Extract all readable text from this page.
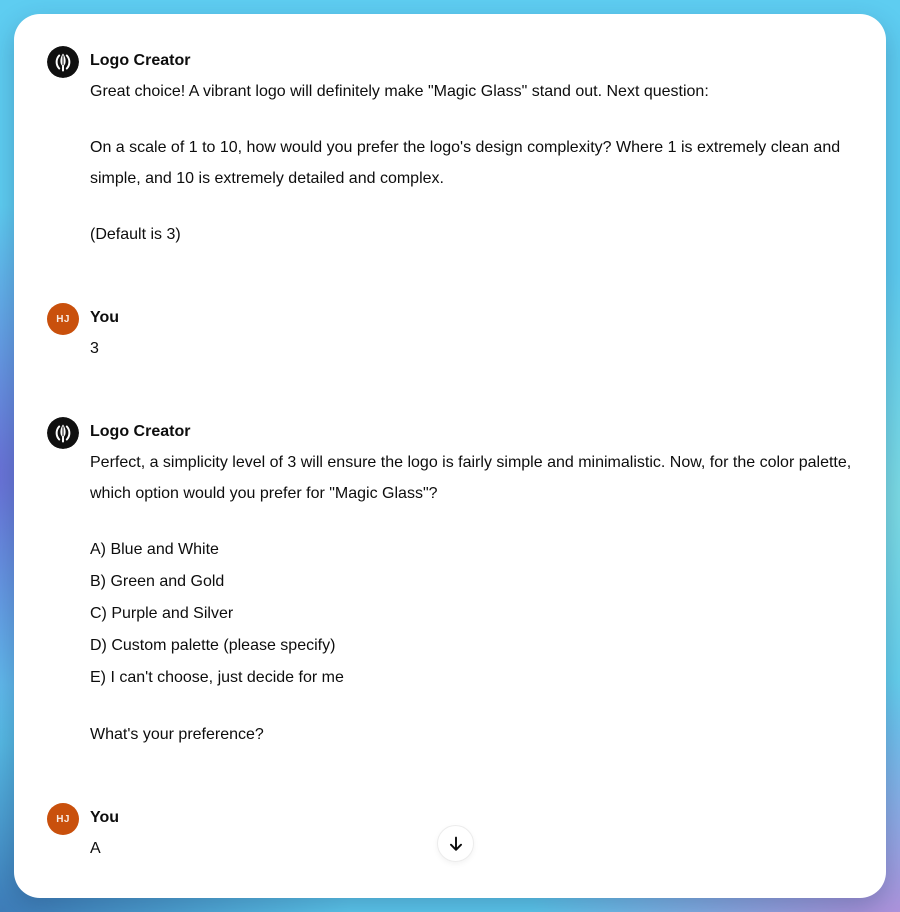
Logo Creator

Great choice! A vibrant logo will definitely make "Magic Glass" stand out. Next question:

On a scale of 1 to 10, how would you prefer the logo's design complexity? Where 1 is extremely clean and simple, and 10 is extremely detailed and complex.

(Default is 3)

HJ You

3

Logo Creator

Perfect, a simplicity level of 3 will ensure the logo is fairly simple and minimalistic. Now, for the color palette, which option would you prefer for "Magic Glass"?

A) Blue and White
B) Green and Gold
C) Purple and Silver
D) Custom palette (please specify)
E) I can't choose, just decide for me

What's your preference?

HJ You

A
